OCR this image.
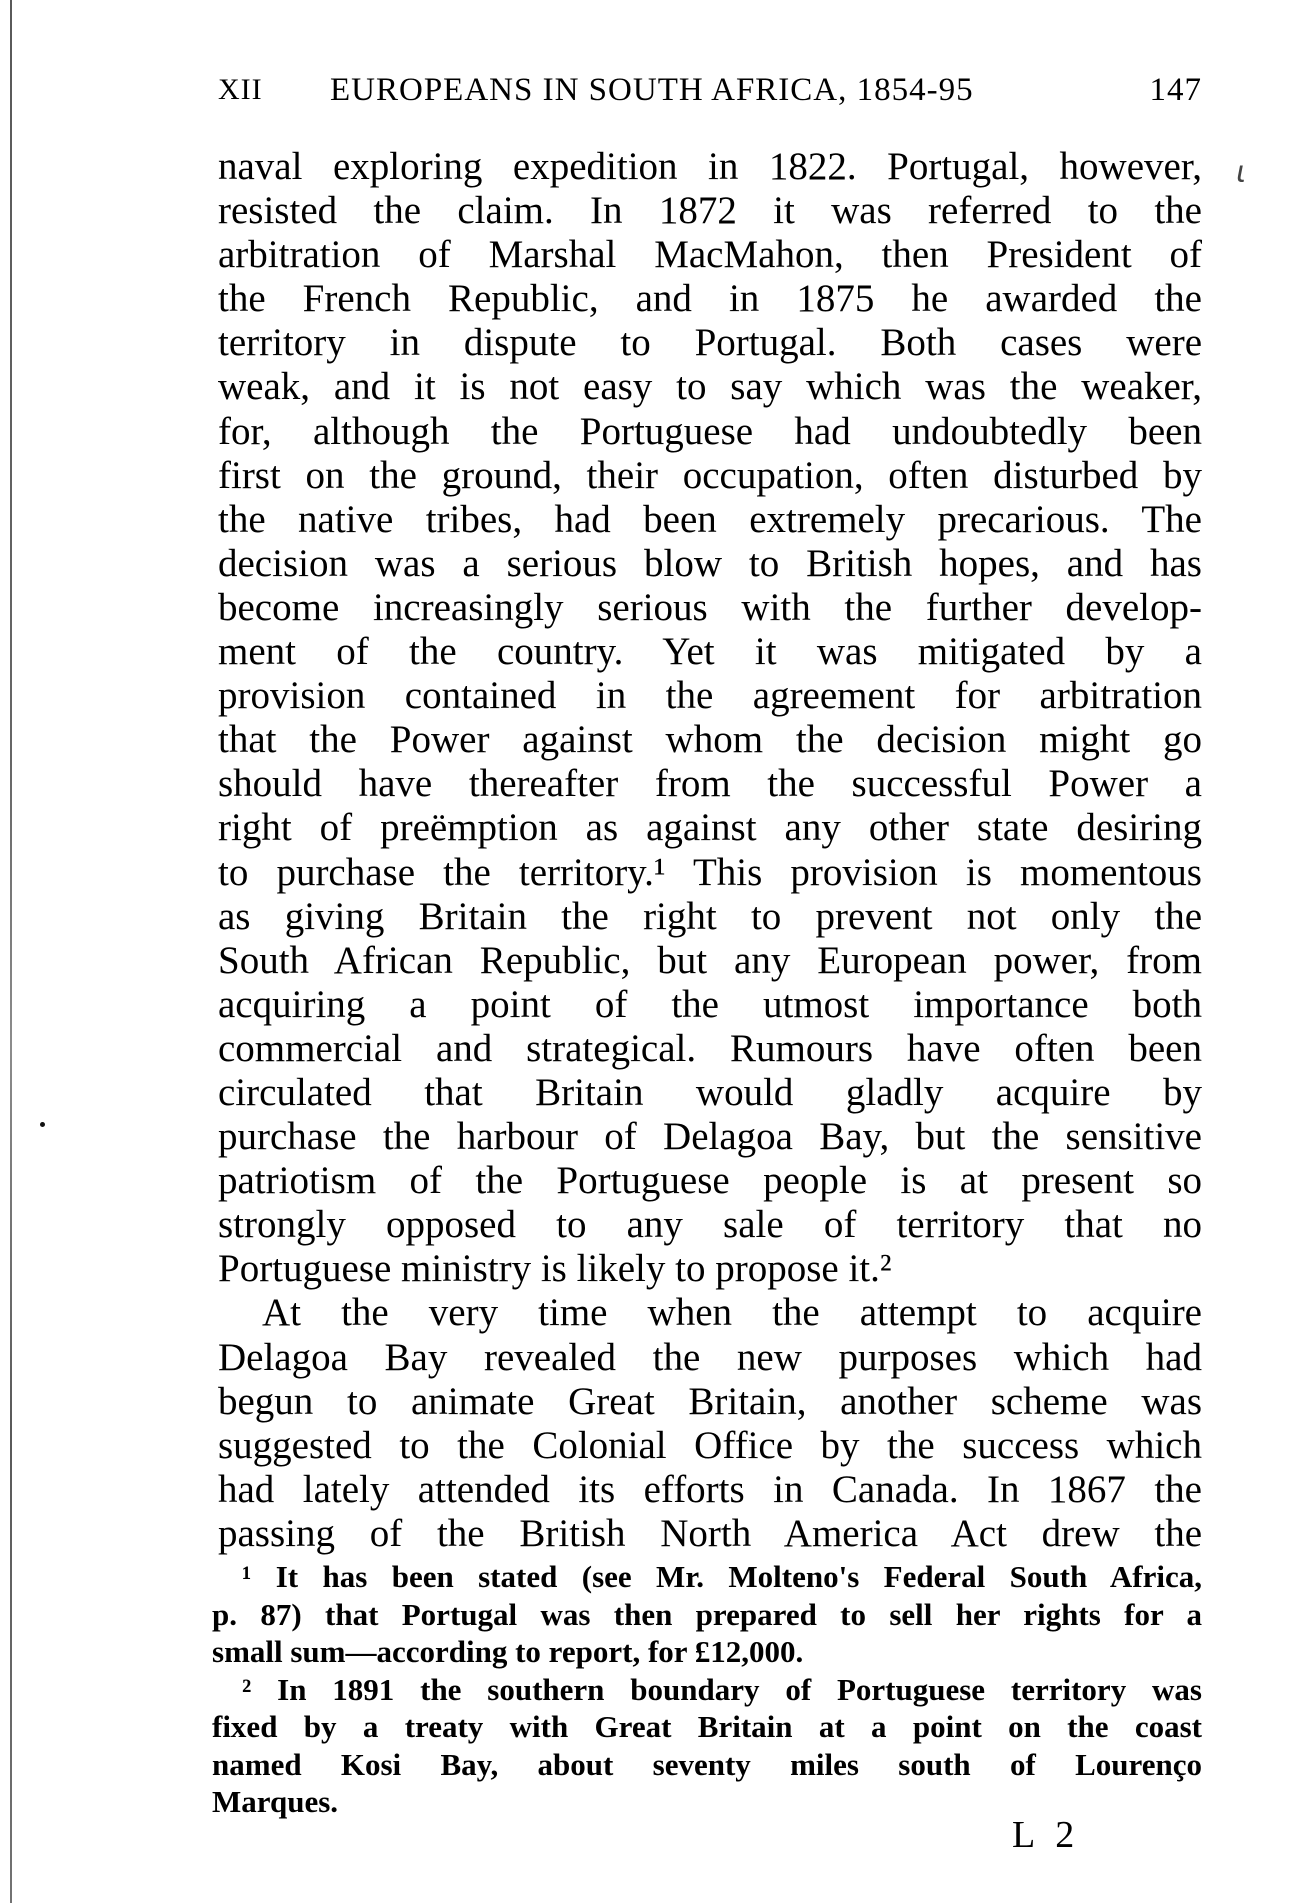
XII EUROPEANS IN SOUTH AFRICA, 1854-95	147
ι
naval exploring expedition in 1822. Portugal, however,
resisted the claim. In 1872 it was referred to the
arbitration of Marshal MacMahon, then President of
the French Republic, and in 1875 he awarded the
territory in dispute to Portugal. Both cases were
weak, and it is not easy to say which was the weaker,
for, although the Portuguese had undoubtedly been
first on the ground, their occupation, often disturbed by
the native tribes, had been extremely precarious. The
decision was a serious blow to British hopes, and has
become increasingly serious with the further develop-
ment of the country. Yet it was mitigated by a
provision contained in the agreement for arbitration
that the Power against whom the decision might go
should have thereafter from the successful Power a
right of preëmption as against any other state desiring
to purchase the territory.¹ This provision is momentous
as giving Britain the right to prevent not only the
South African Republic, but any European power, from
acquiring a point of the utmost importance both
commercial and strategical. Rumours have often been
circulated that Britain would gladly acquire by
purchase the harbour of Delagoa Bay, but the sensitive
patriotism of the Portuguese people is at present so
strongly opposed to any sale of territory that no
Portuguese ministry is likely to propose it.²
At the very time when the attempt to acquire
Delagoa Bay revealed the new purposes which had
begun to animate Great Britain, another scheme was
suggested to the Colonial Office by the success which
had lately attended its efforts in Canada. In 1867 the
passing of the British North America Act drew the
¹ It has been stated (see Mr. Molteno's Federal South Africa,
p. 87) that Portugal was then prepared to sell her rights for a
small sum—according to report, for £12,000.
² In 1891 the southern boundary of Portuguese territory was
fixed by a treaty with Great Britain at a point on the coast
named Kosi Bay, about seventy miles south of Lourenço
Marques.
L 2
